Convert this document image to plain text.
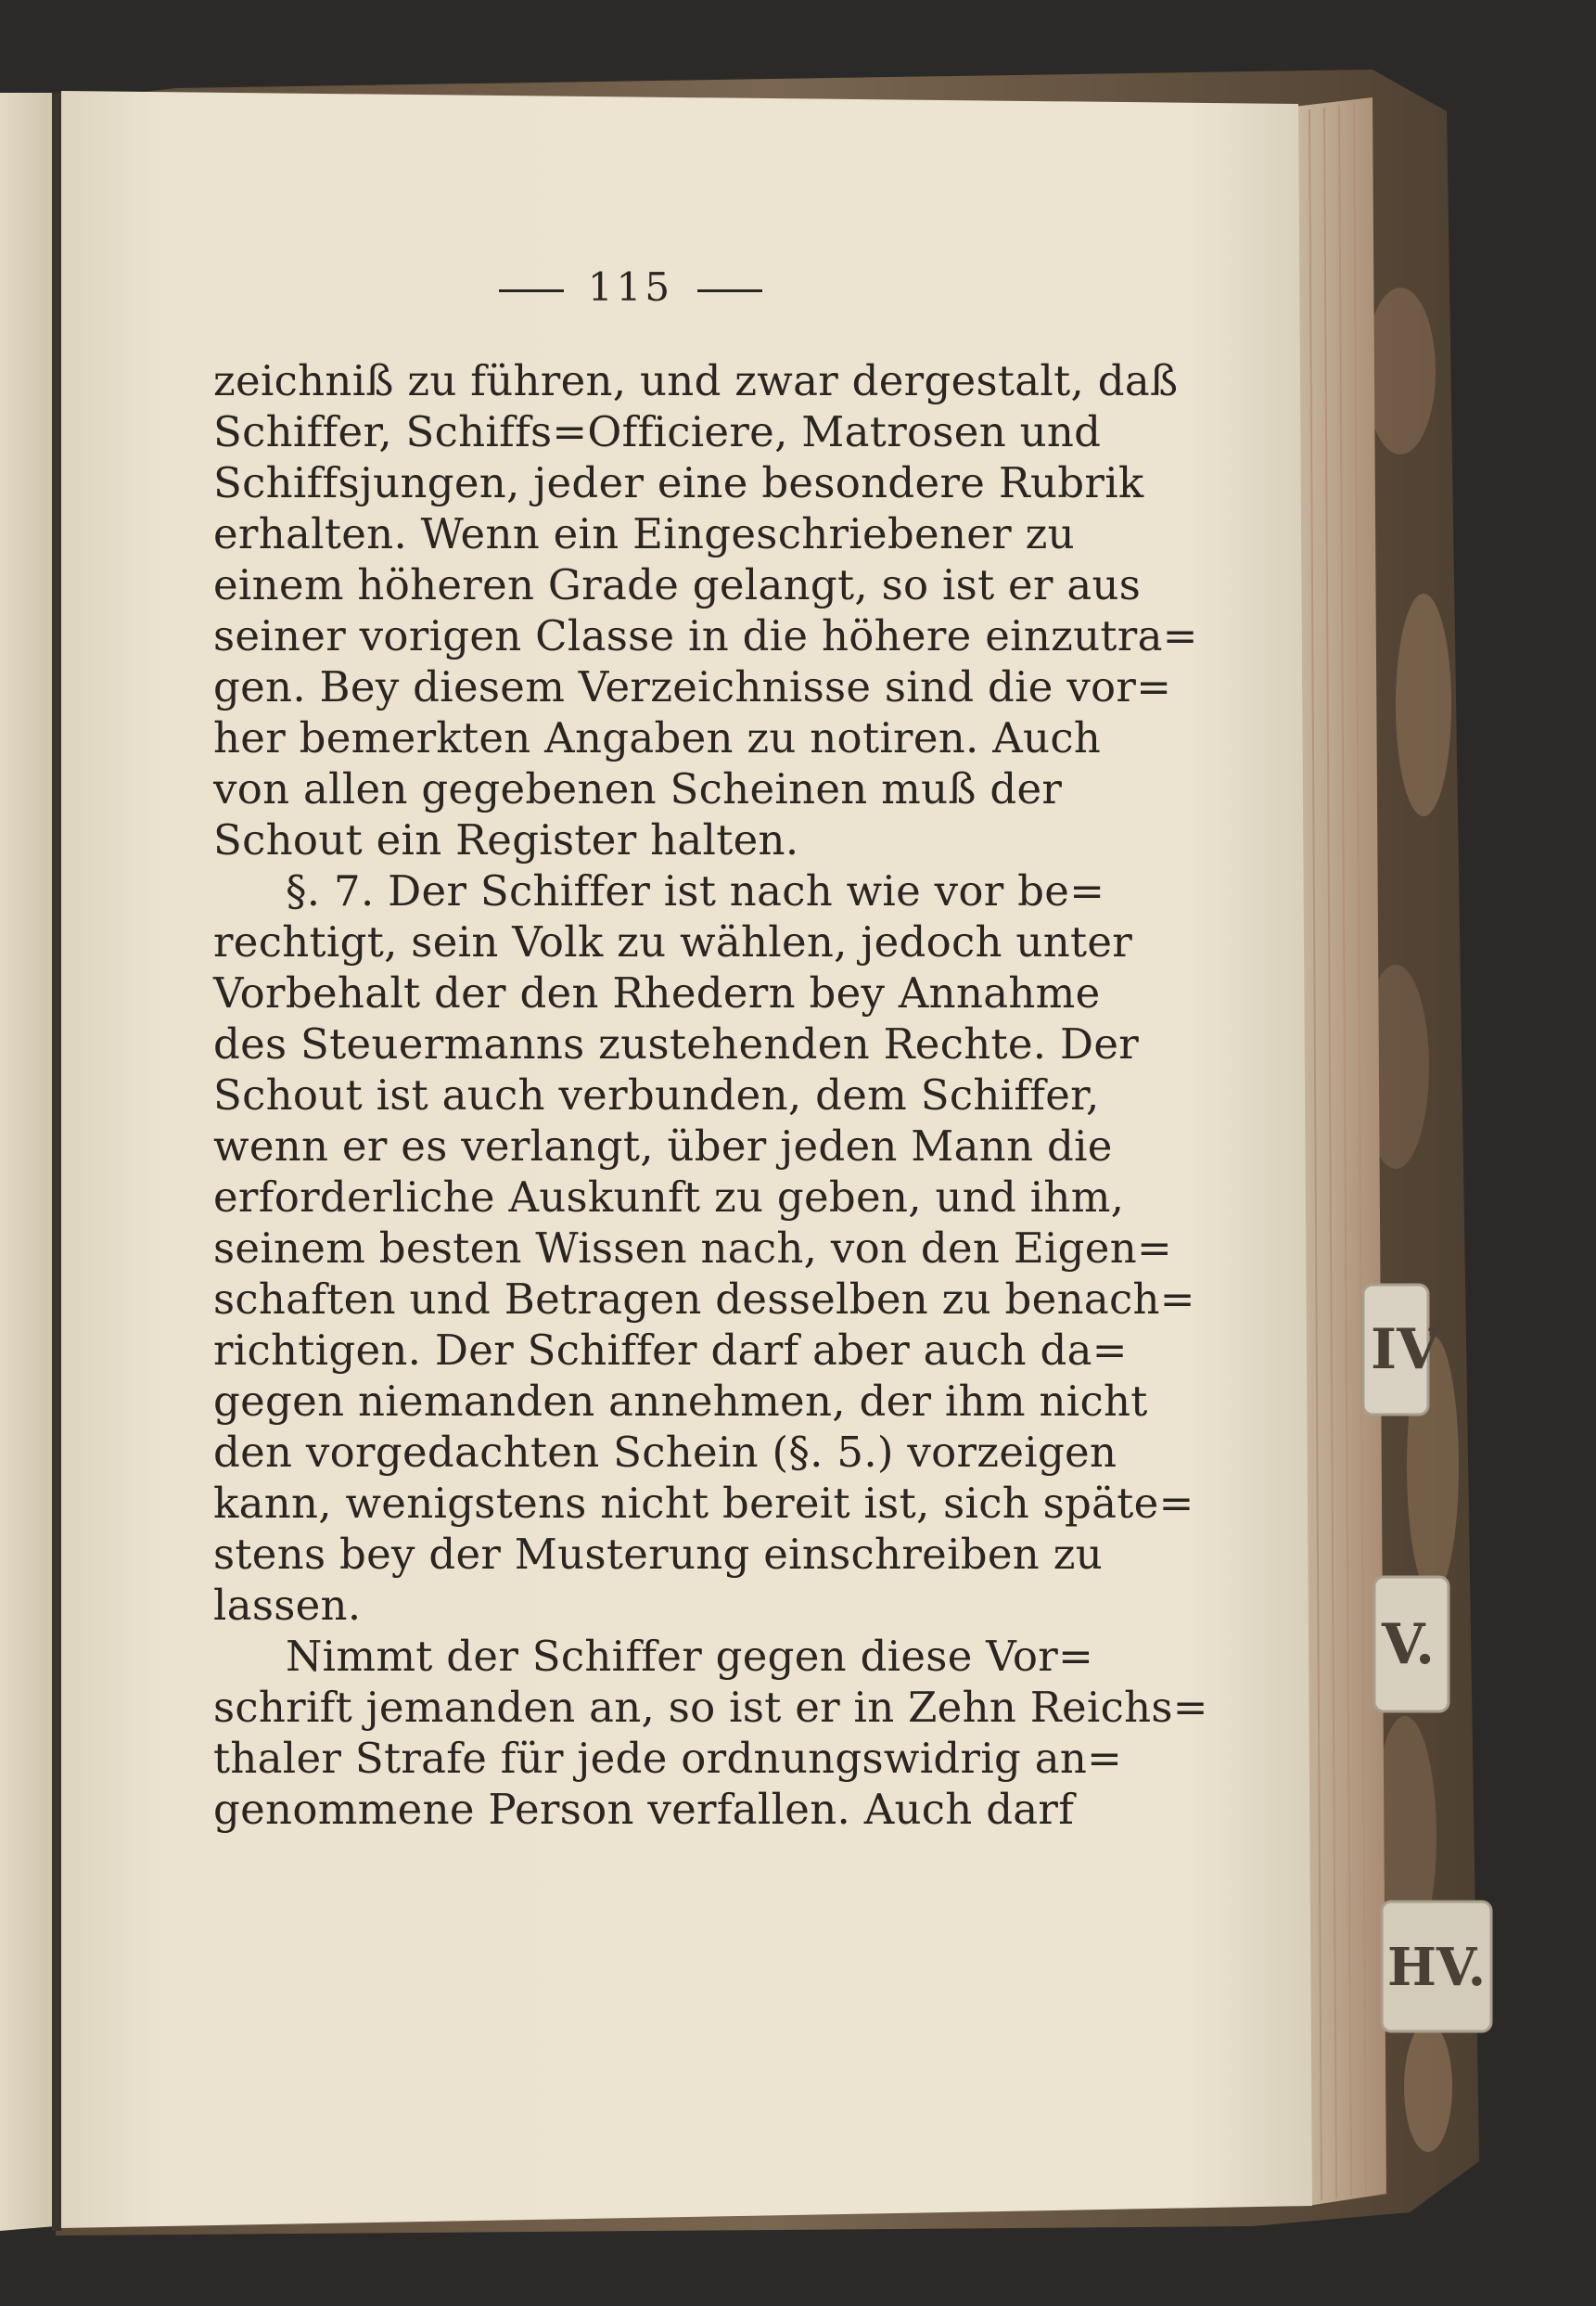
115
zeichniß zu führen, und zwar dergestalt, daß
Schiffer, Schiffs=Officiere, Matrosen und
Schiffsjungen, jeder eine besondere Rubrik
erhalten. Wenn ein Eingeschriebener zu
einem höheren Grade gelangt, so ist er aus
seiner vorigen Classe in die höhere einzutra=
gen. Bey diesem Verzeichnisse sind die vor=
her bemerkten Angaben zu notiren. Auch
von allen gegebenen Scheinen muß der
Schout ein Register halten.
§. 7. Der Schiffer ist nach wie vor be=
rechtigt, sein Volk zu wählen, jedoch unter
Vorbehalt der den Rhedern bey Annahme
des Steuermanns zustehenden Rechte. Der
Schout ist auch verbunden, dem Schiffer,
wenn er es verlangt, über jeden Mann die
erforderliche Auskunft zu geben, und ihm,
seinem besten Wissen nach, von den Eigen=
schaften und Betragen desselben zu benach=
richtigen. Der Schiffer darf aber auch da=
gegen niemanden annehmen, der ihm nicht
den vorgedachten Schein (§. 5.) vorzeigen
kann, wenigstens nicht bereit ist, sich späte=
stens bey der Musterung einschreiben zu
lassen.
Nimmt der Schiffer gegen diese Vor=
schrift jemanden an, so ist er in Zehn Reichs=
thaler Strafe für jede ordnungswidrig an=
genommene Person verfallen. Auch darf
IV
V.
HV.
